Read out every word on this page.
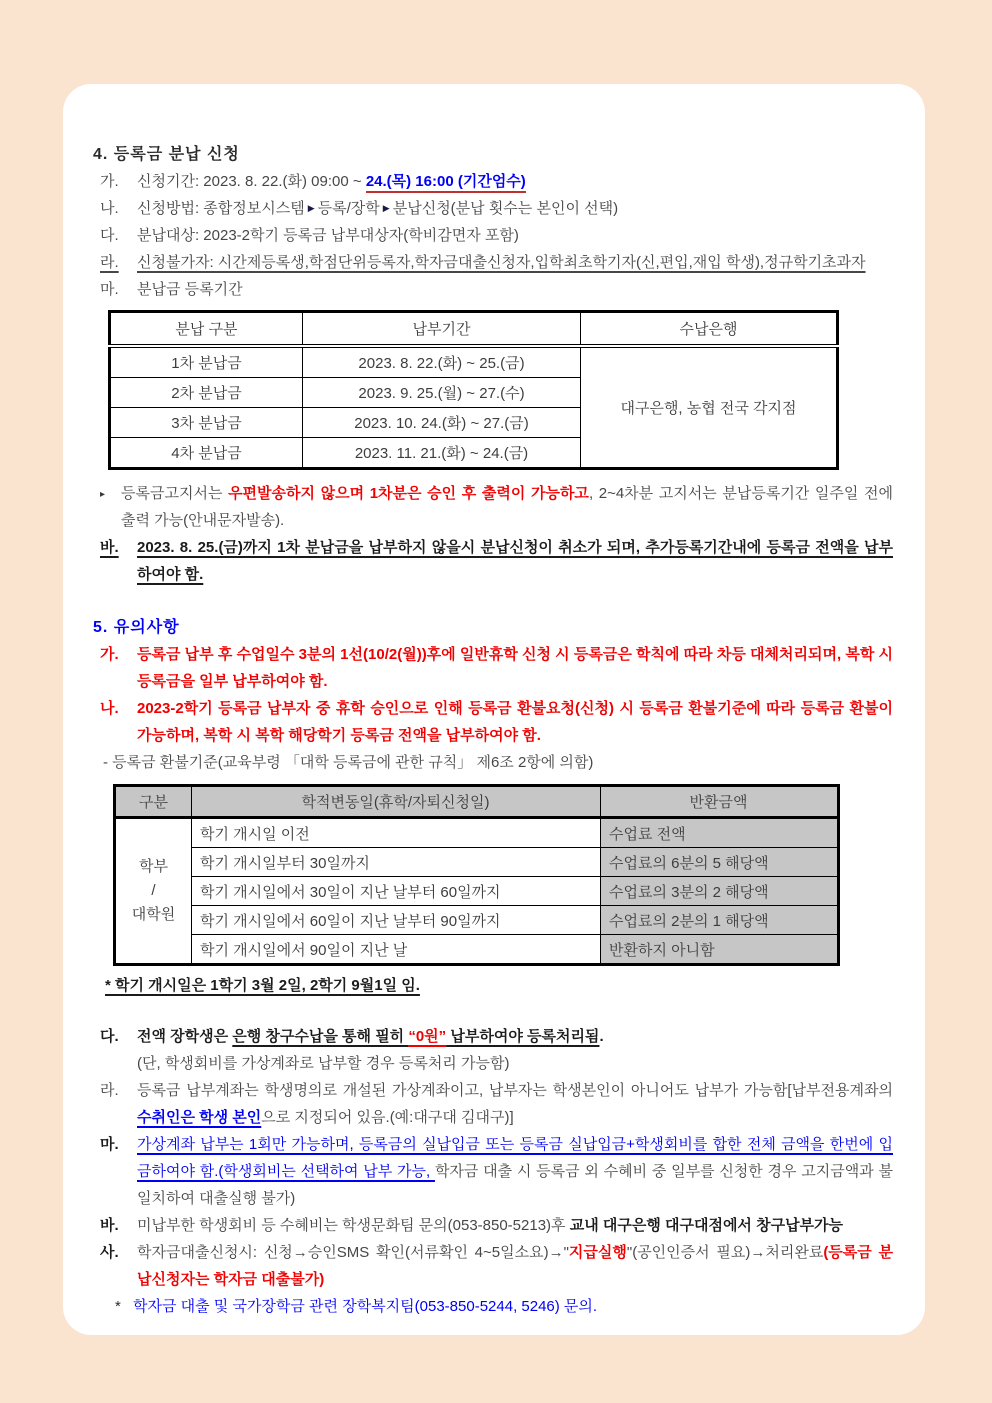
4. 등록금 분납 신청
가.	신청기간: 2023. 8. 22.(화) 09:00 ~ 24.(목) 16:00 (기간엄수)
나.	신청방법: 종합정보시스템 ▶ 등록/장학 ▶ 분납신청(분납 횟수는 본인이 선택)
다.	분납대상: 2023-2학기 등록금 납부대상자(학비감면자 포함)
라.	신청불가자: 시간제등록생,학점단위등록자,학자금대출신청자,입학최초학기자(신,편입,재입 학생),정규학기초과자
마.	분납금 등록기간
분납 구분	납부기간	수납은행
1차 분납금	2023. 8. 22.(화) ~ 25.(금)	대구은행, 농협 전국 각지점
2차 분납금	2023. 9. 25.(월) ~ 27.(수)	
3차 분납금	2023. 10. 24.(화) ~ 27.(금)	
4차 분납금	2023. 11. 21.(화) ~ 24.(금)	
▸	등록금고지서는 우편발송하지 않으며 1차분은 승인 후 출력이 가능하고, 2~4차분 고지서는 분납등록기간 일주일 전에 출력 가능(안내문자발송).
바.	2023. 8. 25.(금)까지 1차 분납금을 납부하지 않을시 분납신청이 취소가 되며, 추가등록기간내에 등록금 전액을 납부하여야 함.
5. 유의사항
가.	등록금 납부 후 수업일수 3분의 1선(10/2(월))후에 일반휴학 신청 시 등록금은 학칙에 따라 차등 대체처리되며, 복학 시 등록금을 일부 납부하여야 함.
나.	2023-2학기 등록금 납부자 중 휴학 승인으로 인해 등록금 환불요청(신청) 시 등록금 환불기준에 따라 등록금 환불이 가능하며, 복학 시 복학 해당학기 등록금 전액을 납부하여야 함.
- 등록금 환불기준(교육부령 「대학 등록금에 관한 규칙」 제6조 2항에 의함)
구분	학적변동일(휴학/자퇴신청일)	반환금액

학부
/
대학원	학기 개시일 이전	수업료 전액
	학기 개시일부터 30일까지	수업료의 6분의 5 해당액
	학기 개시일에서 30일이 지난 날부터 60일까지	수업료의 3분의 2 해당액
	학기 개시일에서 60일이 지난 날부터 90일까지	수업료의 2분의 1 해당액
	학기 개시일에서 90일이 지난 날	반환하지 아니함
* 학기 개시일은 1학기 3월 2일, 2학기 9월1일 임.
다.	전액 장학생은 은행 창구수납을 통해 필히 “0원” 납부하여야 등록처리됨.
(단, 학생회비를 가상계좌로 납부할 경우 등록처리 가능함)
라.	등록금 납부계좌는 학생명의로 개설된 가상계좌이고, 납부자는 학생본인이 아니어도 납부가 가능함[납부전용계좌의 수취인은 학생 본인으로 지정되어 있음.(예:대구대 김대구)]
마.	가상계좌 납부는 1회만 가능하며, 등록금의 실납입금 또는 등록금 실납입금+학생회비를 합한 전체 금액을 한번에 입금하여야 함.(학생회비는 선택하여 납부 가능, 학자금 대출 시 등록금 외 수혜비 중 일부를 신청한 경우 고지금액과 불일치하여 대출실행 불가)
바.	미납부한 학생회비 등 수혜비는 학생문화팀 문의(053-850-5213)후 교내 대구은행 대구대점에서 창구납부가능
사.	학자금대출신청시: 신청→승인SMS 확인(서류확인 4~5일소요)→"지급실행"(공인인증서 필요)→처리완료(등록금 분납신청자는 학자금 대출불가)
* 학자금 대출 및 국가장학금 관련 장학복지팀(053-850-5244, 5246) 문의.
